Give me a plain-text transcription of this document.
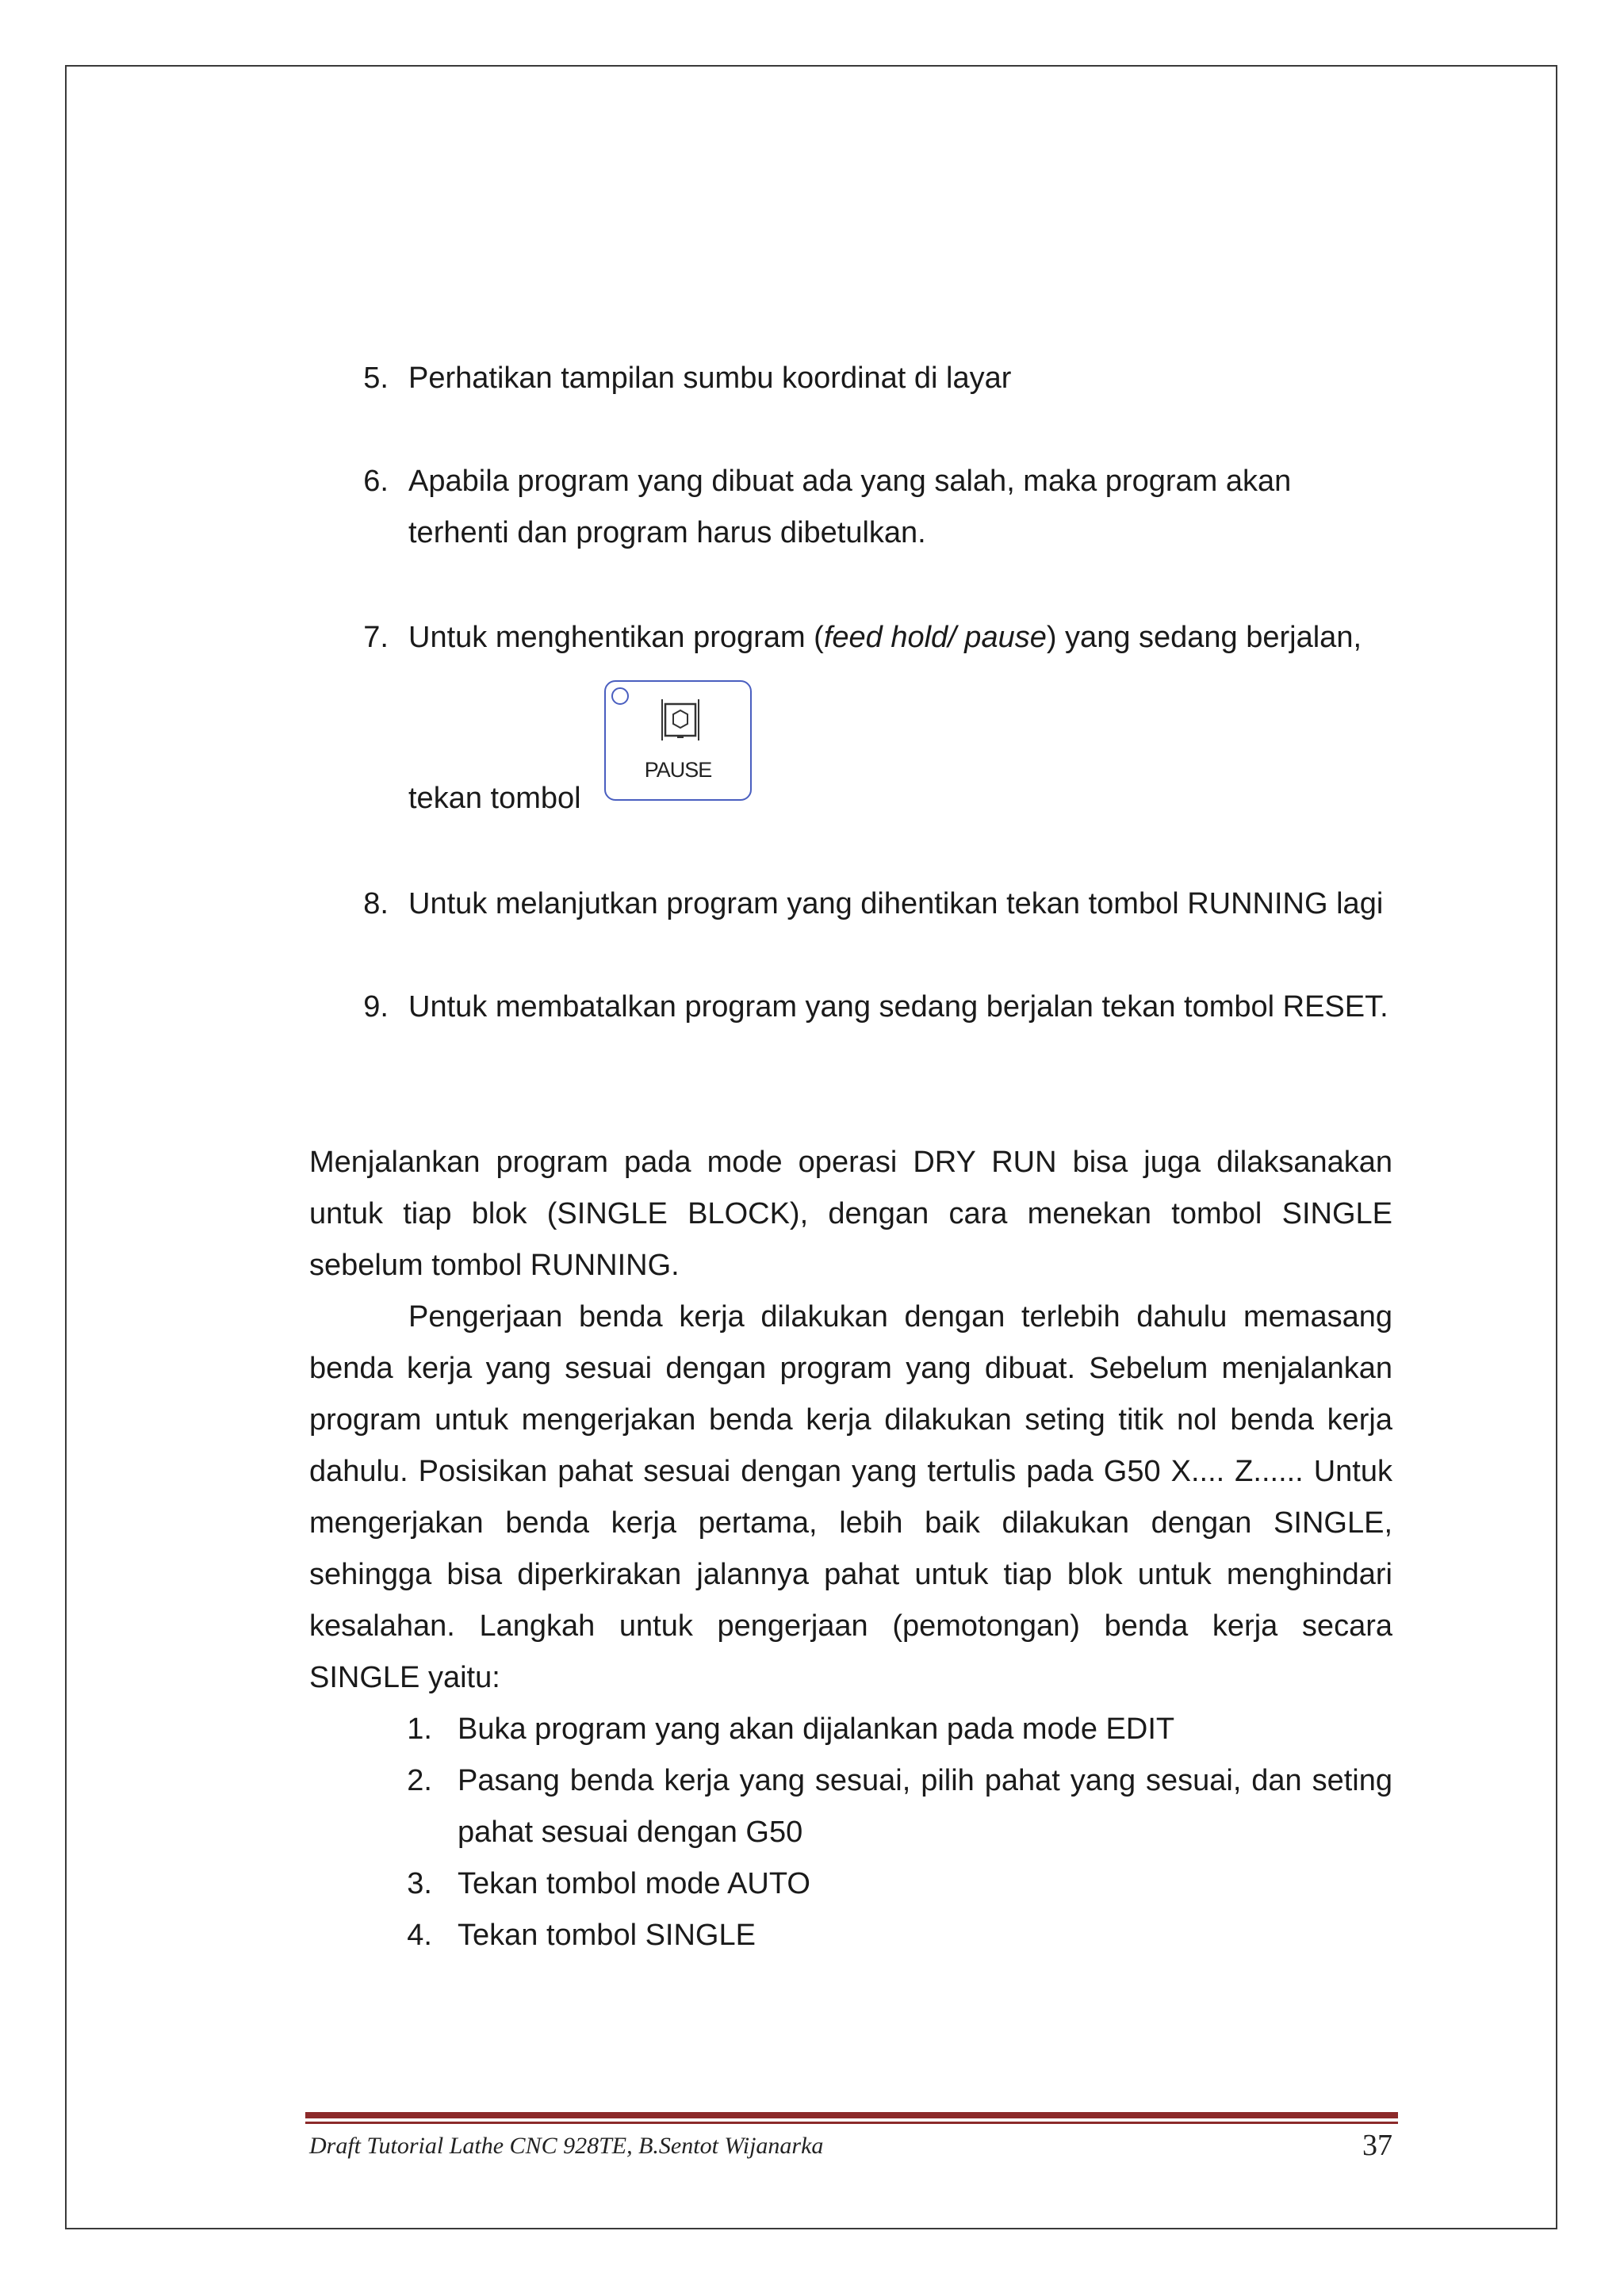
5. Perhatikan tampilan sumbu koordinat di layar
6. Apabila program yang dibuat ada yang salah, maka program akan
terhenti dan program harus dibetulkan.
7. Untuk menghentikan program (feed hold/ pause) yang sedang berjalan,
tekan tombol
PAUSE
8. Untuk melanjutkan program yang dihentikan tekan tombol RUNNING lagi
9. Untuk membatalkan program yang sedang berjalan tekan tombol RESET.
Menjalankan program pada mode operasi DRY RUN bisa juga dilaksanakan
untuk tiap blok (SINGLE BLOCK), dengan cara menekan tombol SINGLE
sebelum tombol RUNNING.
Pengerjaan benda kerja dilakukan dengan terlebih dahulu memasang
benda kerja yang sesuai dengan program yang dibuat. Sebelum menjalankan
program untuk mengerjakan benda kerja dilakukan seting titik nol benda kerja
dahulu. Posisikan pahat sesuai dengan yang tertulis pada G50 X.... Z...... Untuk
mengerjakan benda kerja pertama, lebih baik dilakukan dengan SINGLE,
sehingga bisa diperkirakan jalannya pahat untuk tiap blok untuk menghindari
kesalahan. Langkah untuk pengerjaan (pemotongan) benda kerja secara
SINGLE yaitu:
1. Buka program yang akan dijalankan pada mode EDIT
2. Pasang benda kerja yang sesuai, pilih pahat yang sesuai, dan seting
pahat sesuai dengan G50
3. Tekan tombol mode AUTO
4. Tekan tombol SINGLE
Draft Tutorial Lathe CNC 928TE, B.Sentot Wijanarka	37
